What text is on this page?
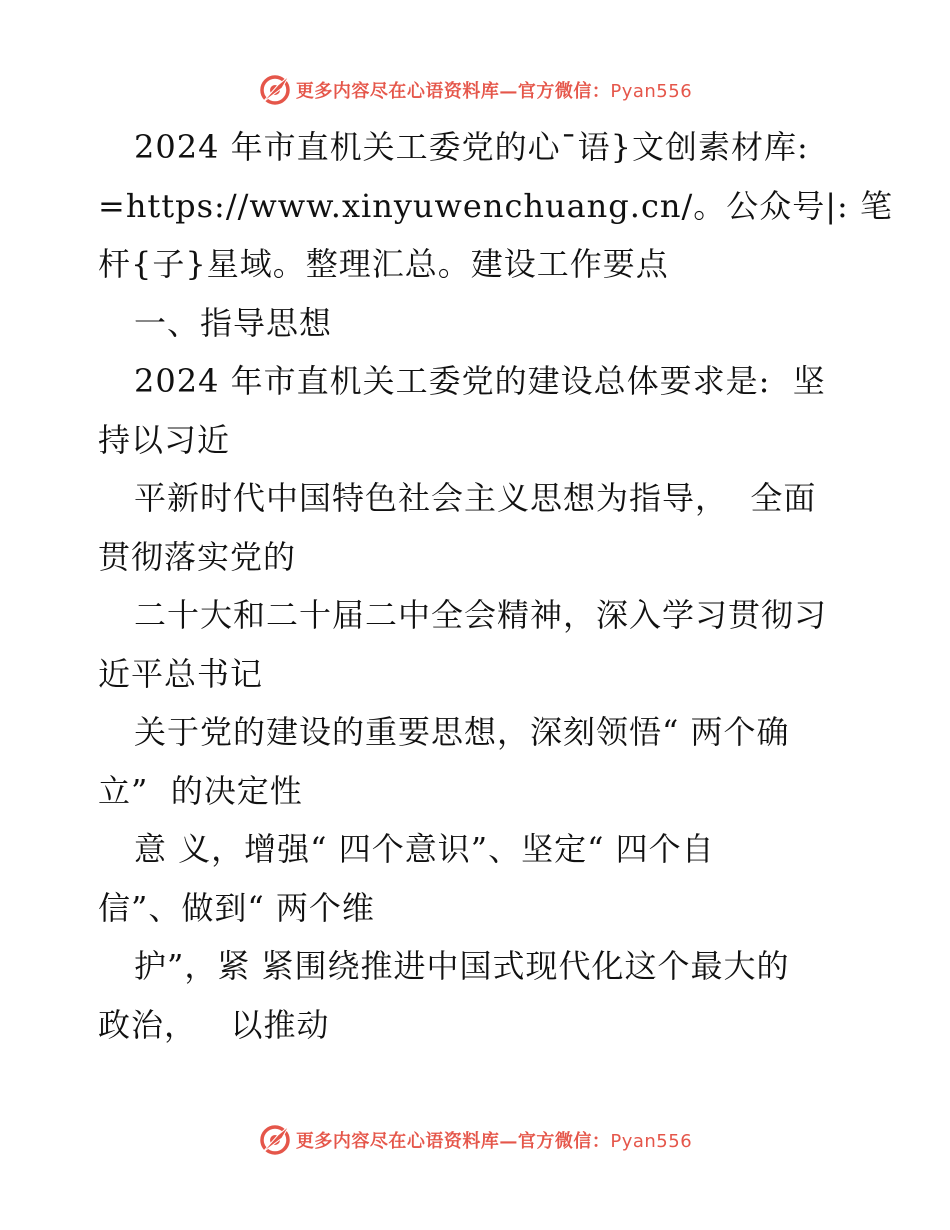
更多内容尽在心语资料库—官方微信：Pyan556
2024 年市直机关工委党的心¯语}文创素材库:
=https://www.xinyuwenchuang.cn/。公众号|: 笔
杆{子}星域。整理汇总。建设工作要点
一、指导思想
2024 年市直机关工委党的建设总体要求是:  坚
持以习近
平新时代中国特色社会主义思想为指导，  全面
贯彻落实党的
二十大和二十届二中全会精神，深入学习贯彻习
近平总书记
关于党的建设的重要思想，深刻领悟“ 两个确
立”  的决定性
意 义，增强“ 四个意识”、坚定“ 四个自
信”、做到“ 两个维
护”，紧 紧围绕推进中国式现代化这个最大的
政治，   以推动
更多内容尽在心语资料库—官方微信：Pyan556
